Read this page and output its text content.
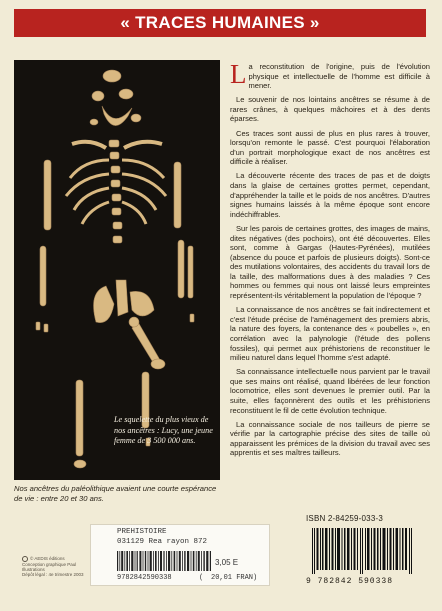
« TRACES HUMAINES »
Le squelette du plus vieux de nos ancêtres : Lucy, une jeune femme de 3 500 000 ans.
Nos ancêtres du paléolithique avaient une courte espérance de vie : entre 20 et 30 ans.

La reconstitution de l'origine, puis de l'évolution physique et intellectuelle de l'homme est difficile à mener.

Le souvenir de nos lointains ancêtres se résume à de rares crânes, à quelques mâchoires et à des dents éparses.

Ces traces sont aussi de plus en plus rares à trouver, lorsqu'on remonte le passé. C'est pourquoi l'élaboration d'un portrait morphologique exact de nos ancêtres est difficile à réaliser.

La découverte récente des traces de pas et de doigts dans la glaise de certaines grottes permet, cependant, d'appréhender la taille et le poids de nos ancêtres. D'autres signes humains laissés à la même époque sont encore indéchiffrables.

Sur les parois de certaines grottes, des images de mains, dites négatives (des pochoirs), ont été découvertes. Elles sont, comme à Gargas (Hautes-Pyrénées), mutilées (absence du pouce et parfois de plusieurs doigts). Sont-ce des mutilations volontaires, des accidents du travail lors de la taille, des malformations dues à des maladies ? Ces hommes ou femmes qui nous ont laissé leurs empreintes représentent-ils véritablement la population de l'époque ?

La connaissance de nos ancêtres se fait indirectement et c'est l'étude précise de l'aménagement des premiers abris, la nature des foyers, la contenance des « poubelles », en corrélation avec la palynologie (l'étude des pollens fossiles), qui permet aux préhistoriens de reconstituer le milieu naturel dans lequel l'homme s'est adapté.

Sa connaissance intellectuelle nous parvient par le travail que ses mains ont réalisé, quand libérées de leur fonction locomotrice, elles sont devenues le premier outil. Par la suite, elles façonnèrent des outils et les préhistoriens reconstituent le fil de cette évolution technique.

La connaissance sociale de nos tailleurs de pierre se vérifie par la cartographie précise des sites de taille où apparaissent les prémices de la division du travail avec ses apprentis et ses maîtres tailleurs.

PREHISTOIRE
031129 Rea rayon 872
3,05 E
9782842590338	( 20,01 FRAN)
© AEDIS éditions
Conception graphique Paul
Illustrations
Dépôt légal : 4e trimestre 2003
ISBN 2-84259-033-3
9 782842 590338
